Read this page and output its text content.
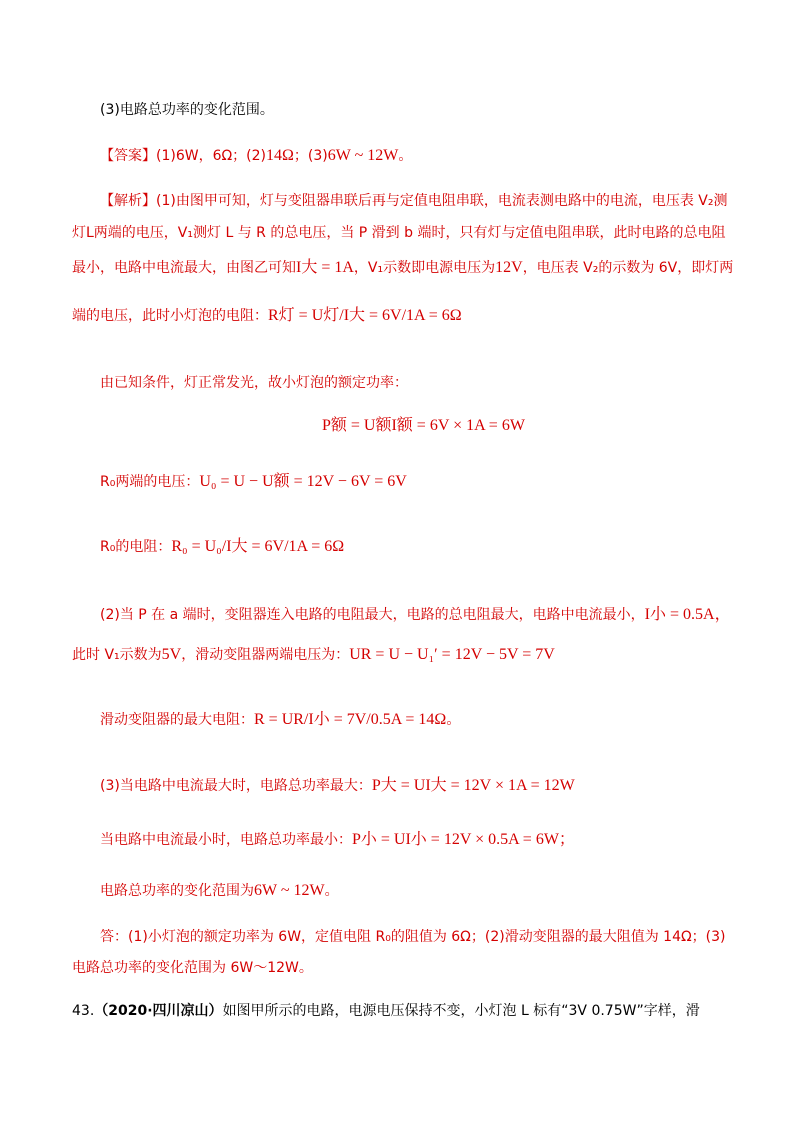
(3)电路总功率的变化范围。
【答案】(1)6W，6Ω；(2)14Ω；(3)6W ~ 12W。
【解析】(1)由图甲可知，灯与变阻器串联后再与定值电阻串联，电流表测电路中的电流，电压表 V₂测
灯L两端的电压，V₁测灯 L 与 R 的总电压，当 P 滑到 b 端时，只有灯与定值电阻串联，此时电路的总电阻
最小，电路中电流最大，由图乙可知I大 = 1A，V₁示数即电源电压为12V，电压表 V₂的示数为 6V，即灯两
端的电压，此时小灯泡的电阻：R灯 = U灯/I大 = 6V/1A = 6Ω
由已知条件，灯正常发光，故小灯泡的额定功率：
P额 = U额I额 = 6V × 1A = 6W
R₀两端的电压：U₀ = U − U额 = 12V − 6V = 6V
R₀的电阻：R₀ = U₀/I大 = 6V/1A = 6Ω
(2)当 P 在 a 端时，变阻器连入电路的电阻最大，电路的总电阻最大，电路中电流最小，I小 = 0.5A，
此时 V₁示数为5V，滑动变阻器两端电压为：UR = U − U₁′ = 12V − 5V = 7V
滑动变阻器的最大电阻：R = UR/I小 = 7V/0.5A = 14Ω。
(3)当电路中电流最大时，电路总功率最大：P大 = UI大 = 12V × 1A = 12W
当电路中电流最小时，电路总功率最小：P小 = UI小 = 12V × 0.5A = 6W；
电路总功率的变化范围为6W ~ 12W。
答：(1)小灯泡的额定功率为 6W，定值电阻 R₀的阻值为 6Ω；(2)滑动变阻器的最大阻值为 14Ω；(3)
电路总功率的变化范围为 6W～12W。
43.（2020·四川凉山）如图甲所示的电路，电源电压保持不变，小灯泡 L 标有“3V 0.75W”字样，滑
